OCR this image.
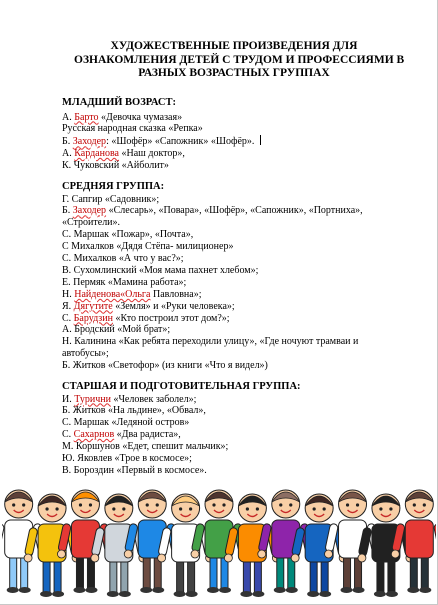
ХУДОЖЕСТВЕННЫЕ ПРОИЗВЕДЕНИЯ ДЛЯ
ОЗНАКОМЛЕНИЯ ДЕТЕЙ С ТРУДОМ И ПРОФЕССИЯМИ В
РАЗНЫХ ВОЗРАСТНЫХ ГРУППАХ
МЛАДШИЙ ВОЗРАСТ:
А. Барто «Девочка чумазая»
Русская народная сказка «Репка»
Б. Заходер: «Шофёр» «Сапожник» «Шофёр».
А. Карданова «Наш доктор»,
К. Чуковский «Айболит»
СРЕДНЯЯ ГРУППА:
Г. Сапгир «Садовник»;
Б. Заходер «Слесарь», «Повара», «Шофёр», «Сапожник», «Портниха»,
«Строители».
С. Маршак «Пожар», «Почта»,
С Михалков «Дядя Стёпа- милиционер»
С. Михалков «А что у вас?»;
В. Сухомлинский «Моя мама пахнет хлебом»;
Е. Пермяк «Мамина работа»;
Н. Найденова«Ольга Павловна»;
Я. Дягутите «Земля» и «Руки человека»;
С. Барудзин «Кто построил этот дом?»;
А. Бродский «Мой брат»;
Н. Калинина «Как ребята переходили улицу», «Где ночуют трамваи и
автобусы»;
Б. Житков «Светофор» (из книги «Что я видел»)
СТАРШАЯ И ПОДГОТОВИТЕЛЬНАЯ ГРУППА:
И. Турични «Человек заболел»;
Б. Житков «На льдине», «Обвал»,
С. Маршак «Ледяной остров»
С. Сахарнов «Два радиста»,
М. Коршунов «Едет, спешит мальчик»;
Ю. Яковлев «Трое в космосе»;
В. Бороздин «Первый в космосе».
